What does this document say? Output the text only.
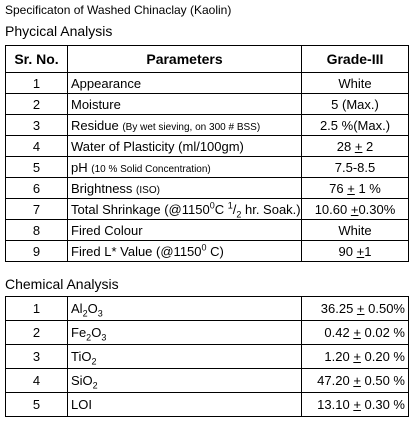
Specificaton of Washed Chinaclay (Kaolin)
Phycical Analysis
Sr. No.	Parameters	Grade-III
1	Appearance	White
2	Moisture	5 (Max.)
3	Residue (By wet sieving, on 300 # BSS)	2.5 %(Max.)
4	Water of Plasticity (ml/100gm)	28 + 2
5	pH (10 % Solid Concentration)	7.5-8.5
6	Brightness (ISO)	76 + 1 %
7	Total Shrinkage (@1150$^0$C $^1/_2$ hr. Soak.)	10.60 +0.30%
8	Fired Colour	White
9	Fired L* Value (@1150$^0$ C)	90 +1
Chemical Analysis
1	$Al_2O_3$	36.25 + 0.50%
2	$Fe_2O_3$	0.42 + 0.02 %
3	TiO$_2$	1.20 + 0.20 %
4	SiO$_2$	47.20 + 0.50 %
5	LOI	13.10 + 0.30 %
